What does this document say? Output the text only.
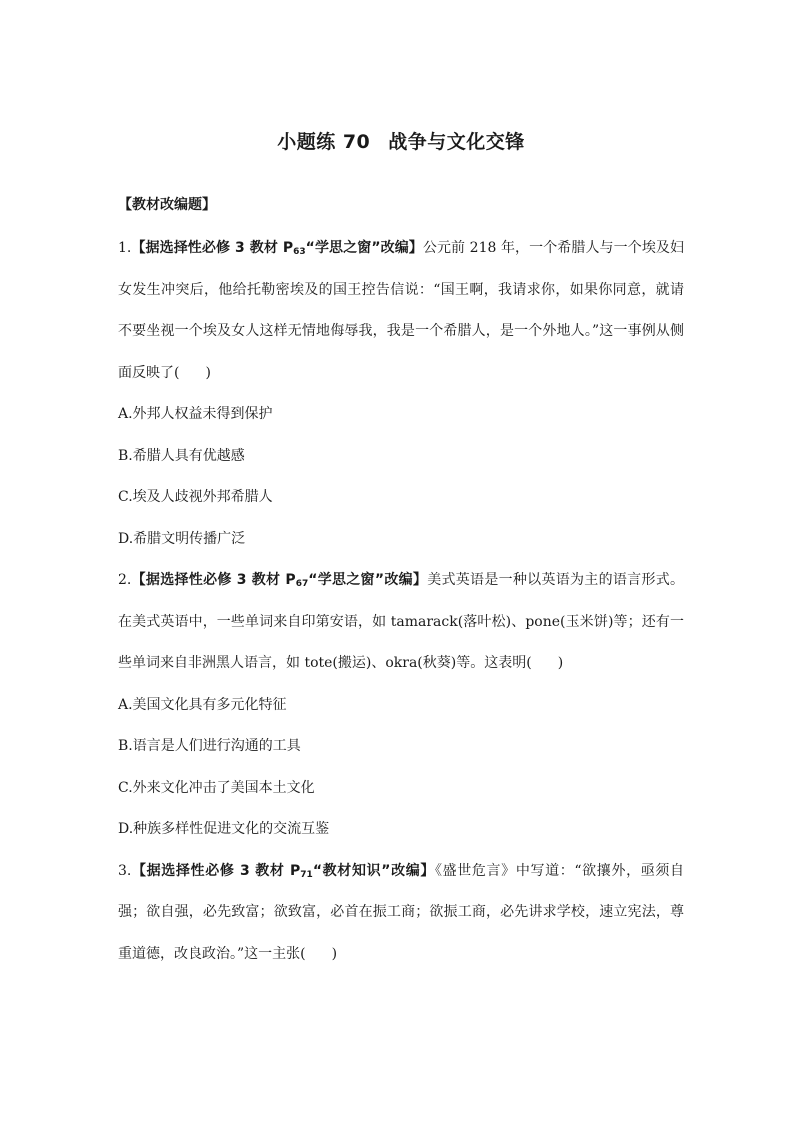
小题练 70 战争与文化交锋
【教材改编题】
1.【据选择性必修 3 教材 $P_{63}“$学思之窗”改编】公元前 218 年，一个希腊人与一个埃及妇女发生冲突后，他给托勒密埃及的国王控告信说：“国王啊，我请求你，如果你同意，就请不要坐视一个埃及女人这样无情地侮辱我，我是一个希腊人，是一个外地人。”这一事例从侧面反映了( )
A.外邦人权益未得到保护
B.希腊人具有优越感
C.埃及人歧视外邦希腊人
D.希腊文明传播广泛
2.【据选择性必修 3 教材 $P_{67}“$学思之窗”改编】美式英语是一种以英语为主的语言形式。在美式英语中，一些单词来自印第安语，如 tamarack(落叶松)、pone(玉米饼)等；还有一些单词来自非洲黑人语言，如 tote(搬运)、okra(秋葵)等。这表明( )
A.美国文化具有多元化特征
B.语言是人们进行沟通的工具
C.外来文化冲击了美国本土文化
D.种族多样性促进文化的交流互鉴
3.【据选择性必修 3 教材 $P_{71}“$教材知识”改编】《盛世危言》中写道：“欲攘外，亟须自强；欲自强，必先致富；欲致富，必首在振工商；欲振工商，必先讲求学校，速立宪法，尊重道德，改良政治。”这一主张( )
